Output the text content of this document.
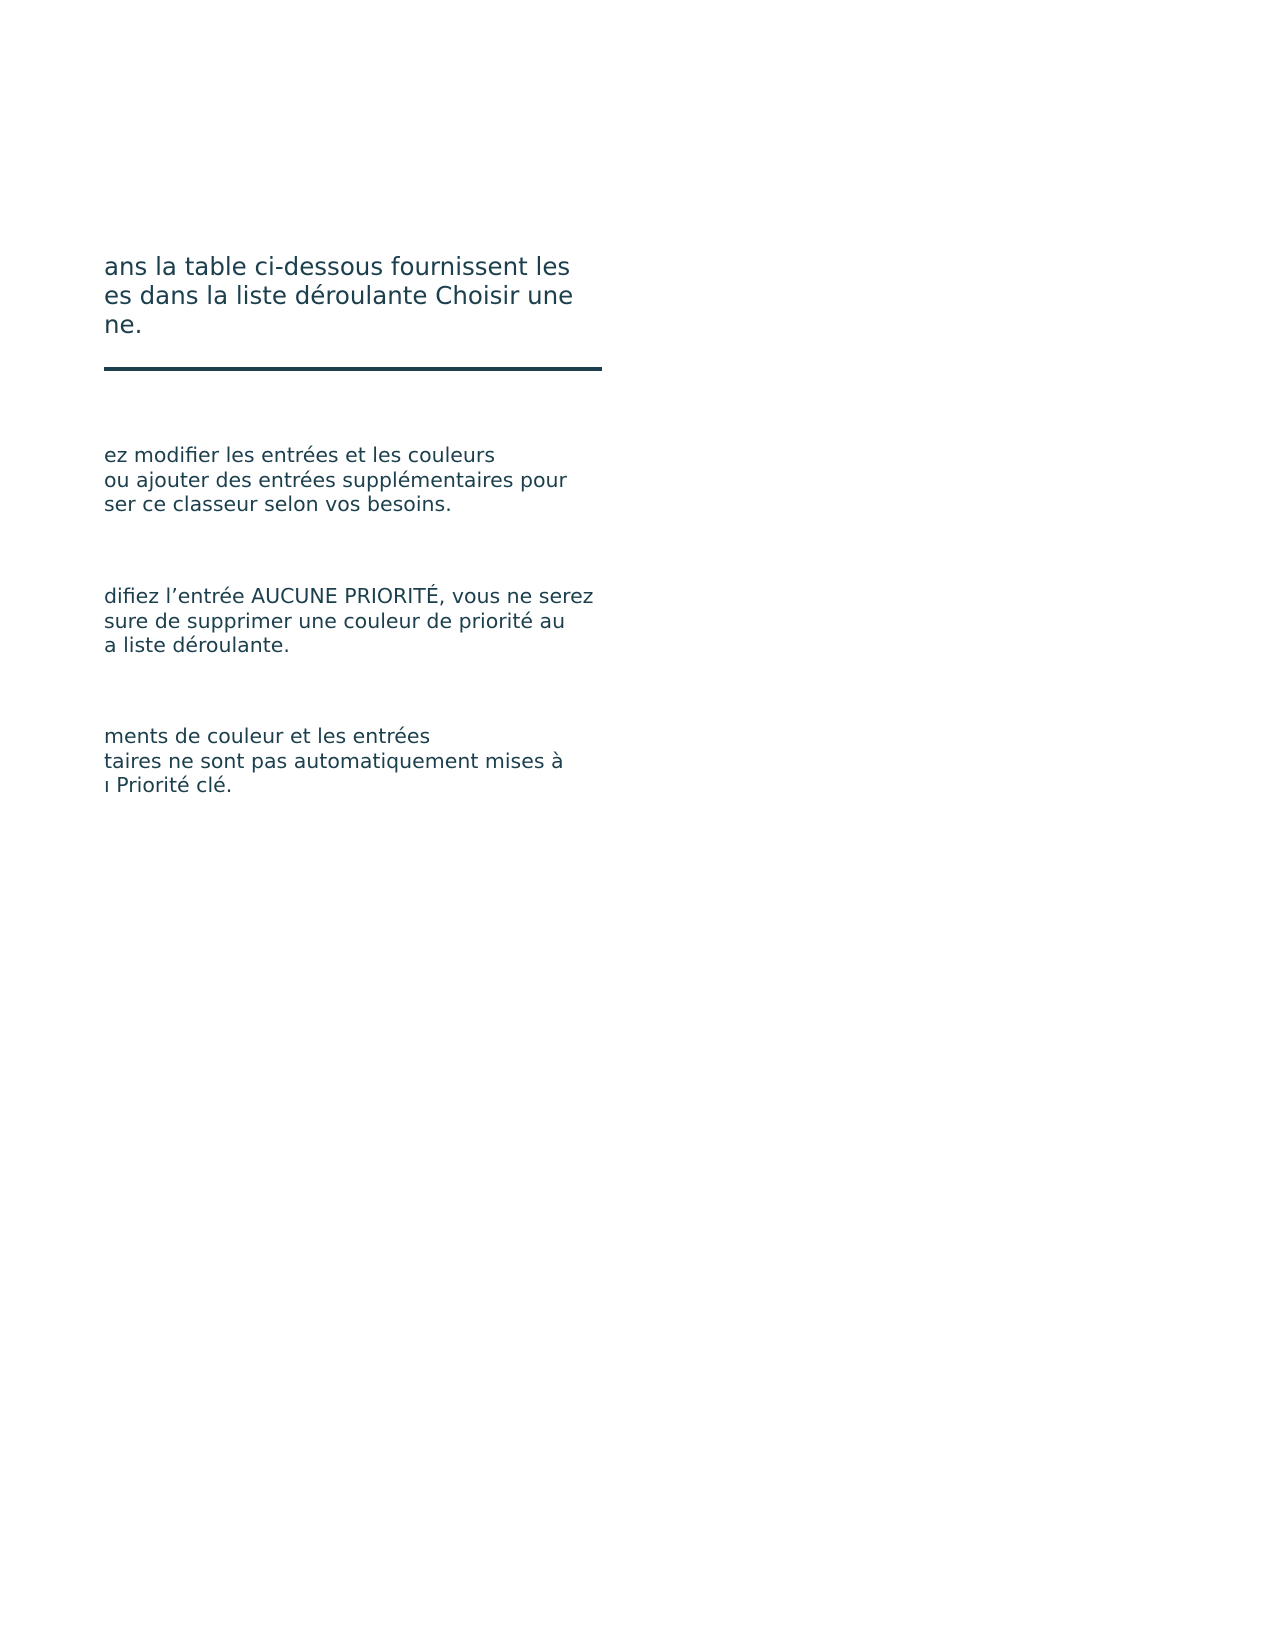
ans la table ci-dessous fournissent les
es dans la liste déroulante Choisir une
ne.
ez modifier les entrées et les couleurs
ou ajouter des entrées supplémentaires pour
ser ce classeur selon vos besoins.
difiez l’entrée AUCUNE PRIORITÉ, vous ne serez
sure de supprimer une couleur de priorité au
a liste déroulante.
ments de couleur et les entrées
taires ne sont pas automatiquement mises à
ı Priorité clé.
